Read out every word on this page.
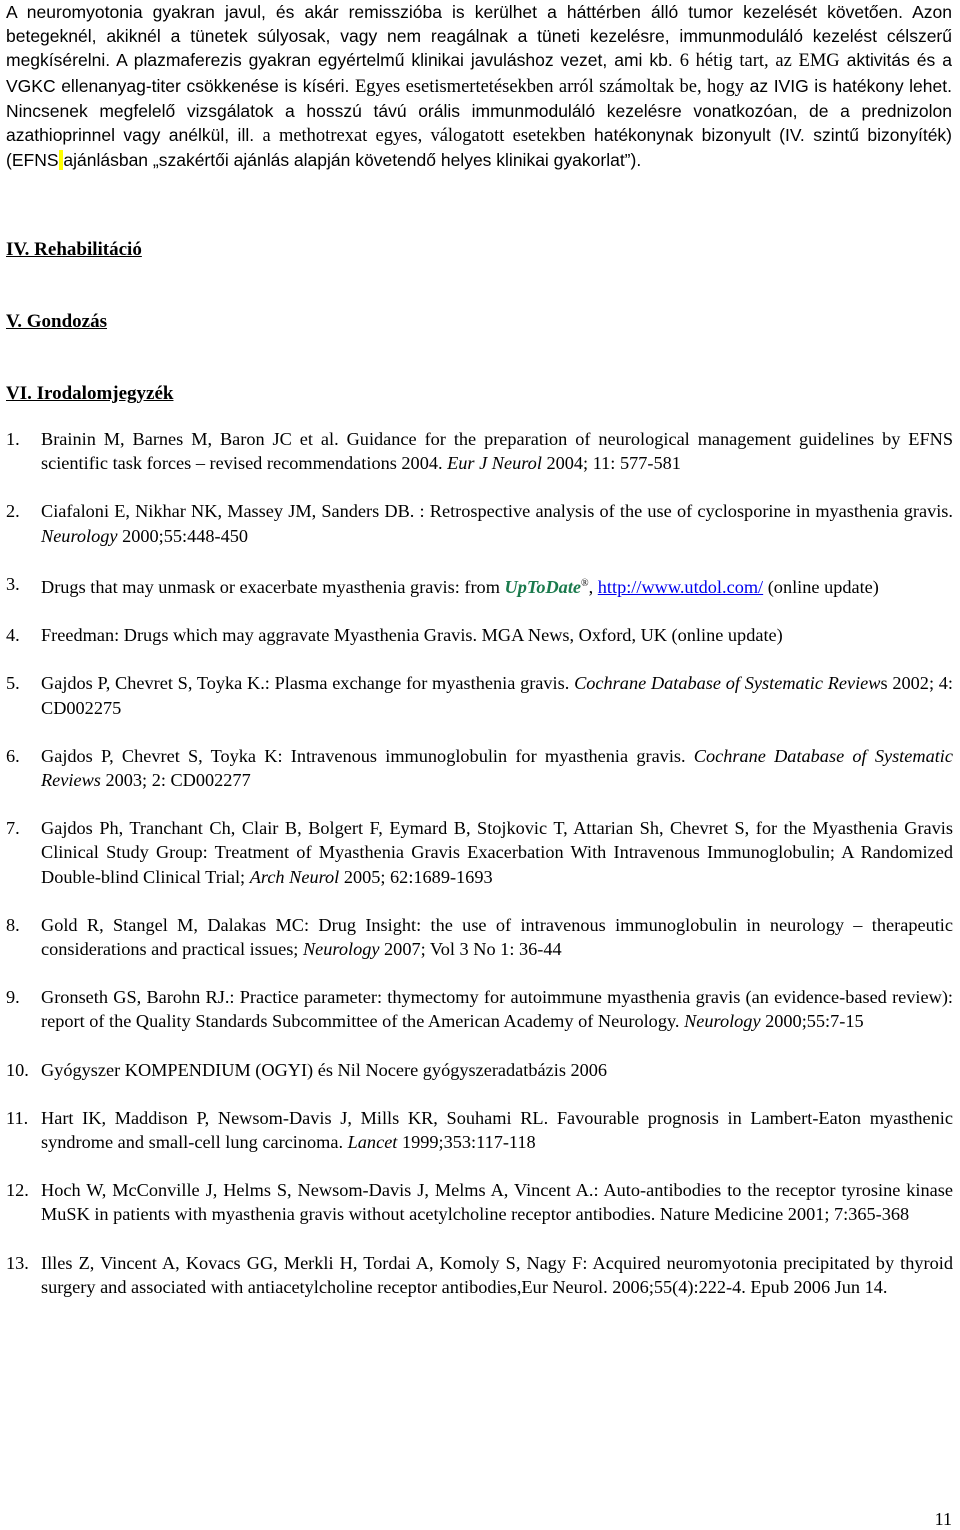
A neuromyotonia gyakran javul, és akár remisszióba is kerülhet a háttérben álló tumor kezelését követően. Azon betegeknél, akiknél a tünetek súlyosak, vagy nem reagálnak a tüneti kezelésre, immunmoduláló kezelést célszerű megkísérelni. A plazmaferezis gyakran egyértelmű klinikai javuláshoz vezet, ami kb. 6 hétig tart, az EMG aktivitás és a VGKC ellenanyag-titer csökkenése is kíséri. Egyes esetismertetésekben arról számoltak be, hogy az IVIG is hatékony lehet. Nincsenek megfelelő vizsgálatok a hosszú távú orális immunmoduláló kezelésre vonatkozóan, de a prednizolon azathioprinnel vagy anélkül, ill. a methotrexat egyes, válogatott esetekben hatékonynak bizonyult (IV. szintű bizonyíték) (EFNS ajánlásban „szakértői ajánlás alapján követendő helyes klinikai gyakorlat”).

IV. Rehabilitáció
V. Gondozás
VI. Irodalomjegyzék
1. Brainin M, Barnes M, Baron JC et al. Guidance for the preparation of neurological management guidelines by EFNS scientific task forces – revised recommendations 2004. Eur J Neurol 2004; 11: 577-581
2. Ciafaloni E, Nikhar NK, Massey JM, Sanders DB. : Retrospective analysis of the use of cyclosporine in myasthenia gravis. Neurology 2000;55:448-450
3. Drugs that may unmask or exacerbate myasthenia gravis: from UpToDate®, http://www.utdol.com/ (online update)
4. Freedman: Drugs which may aggravate Myasthenia Gravis. MGA News, Oxford, UK (online update)
5. Gajdos P, Chevret S, Toyka K.: Plasma exchange for myasthenia gravis. Cochrane Database of Systematic Reviews 2002; 4: CD002275
6. Gajdos P, Chevret S, Toyka K: Intravenous immunoglobulin for myasthenia gravis. Cochrane Database of Systematic Reviews 2003; 2: CD002277
7. Gajdos Ph, Tranchant Ch, Clair B, Bolgert F, Eymard B, Stojkovic T, Attarian Sh, Chevret S, for the Myasthenia Gravis Clinical Study Group: Treatment of Myasthenia Gravis Exacerbation With Intravenous Immunoglobulin; A Randomized Double-blind Clinical Trial; Arch Neurol 2005; 62:1689-1693
8. Gold R, Stangel M, Dalakas MC: Drug Insight: the use of intravenous immunoglobulin in neurology – therapeutic considerations and practical issues; Neurology 2007; Vol 3 No 1: 36-44
9. Gronseth GS, Barohn RJ.: Practice parameter: thymectomy for autoimmune myasthenia gravis (an evidence-based review): report of the Quality Standards Subcommittee of the American Academy of Neurology. Neurology 2000;55:7-15
10. Gyógyszer KOMPENDIUM (OGYI) és Nil Nocere gyógyszeradatbázis 2006
11. Hart IK, Maddison P, Newsom-Davis J, Mills KR, Souhami RL. Favourable prognosis in Lambert-Eaton myasthenic syndrome and small-cell lung carcinoma. Lancet 1999;353:117-118
12. Hoch W, McConville J, Helms S, Newsom-Davis J, Melms A, Vincent A.: Auto-antibodies to the receptor tyrosine kinase MuSK in patients with myasthenia gravis without acetylcholine receptor antibodies. Nature Medicine 2001; 7:365-368
13. Illes Z, Vincent A, Kovacs GG, Merkli H, Tordai A, Komoly S, Nagy F: Acquired neuromyotonia precipitated by thyroid surgery and associated with antiacetylcholine receptor antibodies,Eur Neurol. 2006;55(4):222-4. Epub 2006 Jun 14.
11
